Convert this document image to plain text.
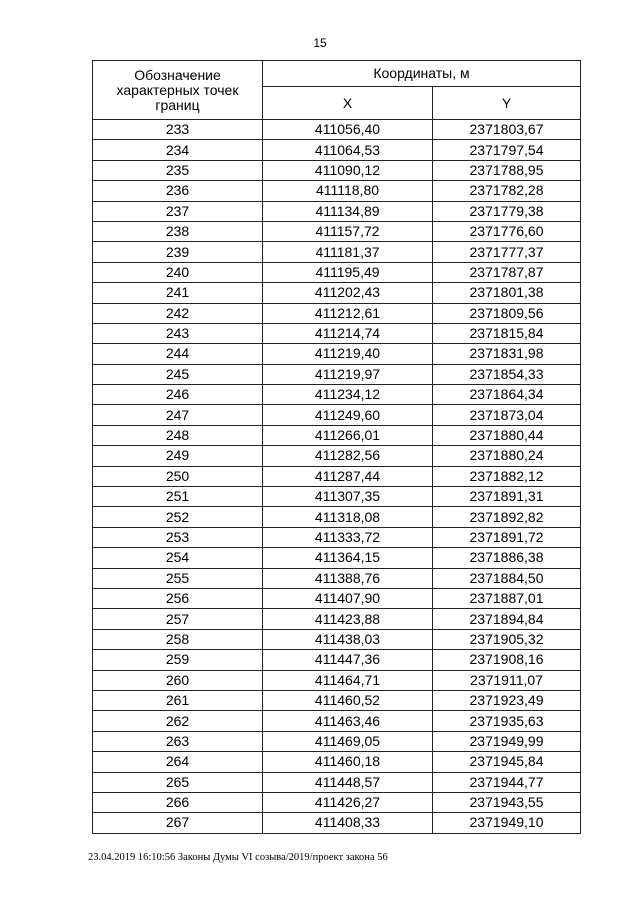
15
Обозначение характерных точек границ	Координаты, м	
	X	Y
233	411056,40	2371803,67
234	411064,53	2371797,54
235	411090,12	2371788,95
236	411118,80	2371782,28
237	411134,89	2371779,38
238	411157,72	2371776,60
239	411181,37	2371777,37
240	411195,49	2371787,87
241	411202,43	2371801,38
242	411212,61	2371809,56
243	411214,74	2371815,84
244	411219,40	2371831,98
245	411219,97	2371854,33
246	411234,12	2371864,34
247	411249,60	2371873,04
248	411266,01	2371880,44
249	411282,56	2371880,24
250	411287,44	2371882,12
251	411307,35	2371891,31
252	411318,08	2371892,82
253	411333,72	2371891,72
254	411364,15	2371886,38
255	411388,76	2371884,50
256	411407,90	2371887,01
257	411423,88	2371894,84
258	411438,03	2371905,32
259	411447,36	2371908,16
260	411464,71	2371911,07
261	411460,52	2371923,49
262	411463,46	2371935,63
263	411469,05	2371949,99
264	411460,18	2371945,84
265	411448,57	2371944,77
266	411426,27	2371943,55
267	411408,33	2371949,10
23.04.2019 16:10:56 Законы Думы VI созыва/2019/проект закона 56
